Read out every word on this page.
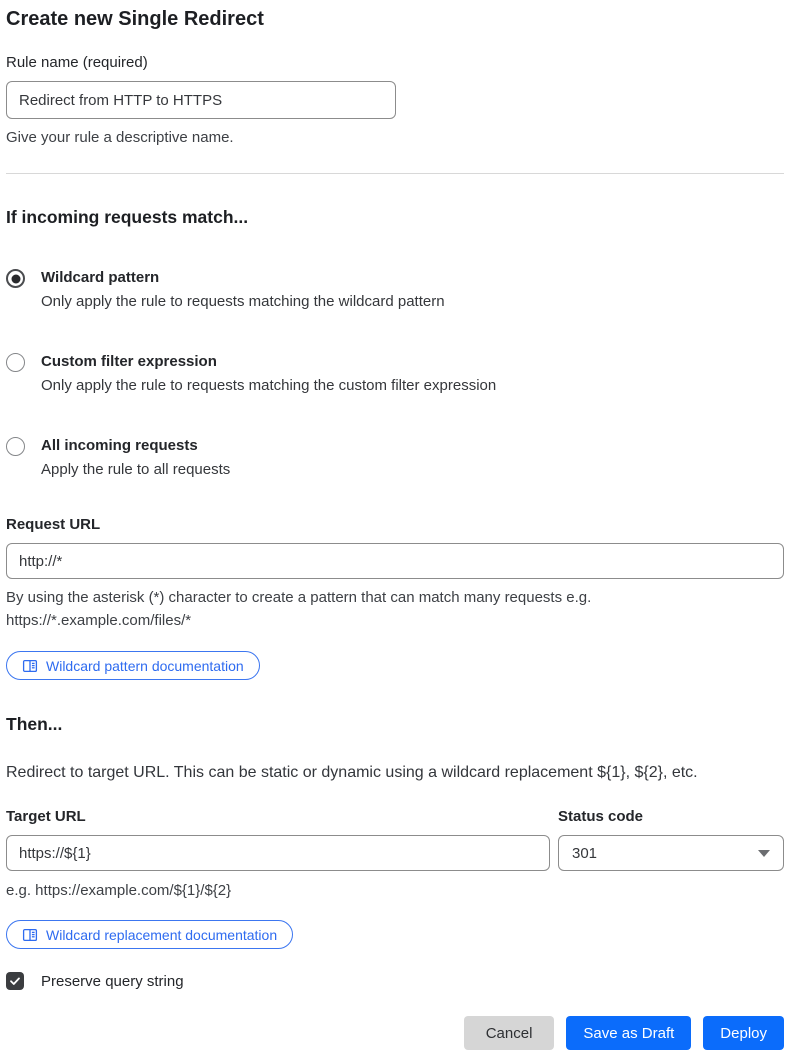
Create new Single Redirect
Rule name (required)
Redirect from HTTP to HTTPS
Give your rule a descriptive name.
If incoming requests match...
Wildcard pattern
Only apply the rule to requests matching the wildcard pattern
Custom filter expression
Only apply the rule to requests matching the custom filter expression
All incoming requests
Apply the rule to all requests
Request URL
http://*
By using the asterisk (*) character to create a pattern that can match many requests e.g.
https://*.example.com/files/*
Wildcard pattern documentation
Then...
Redirect to target URL. This can be static or dynamic using a wildcard replacement ${1}, ${2}, etc.
Target URL
https://${1}
e.g. https://example.com/${1}/${2}
Status code
301
Wildcard replacement documentation
Preserve query string
Cancel	Save as Draft	Deploy
